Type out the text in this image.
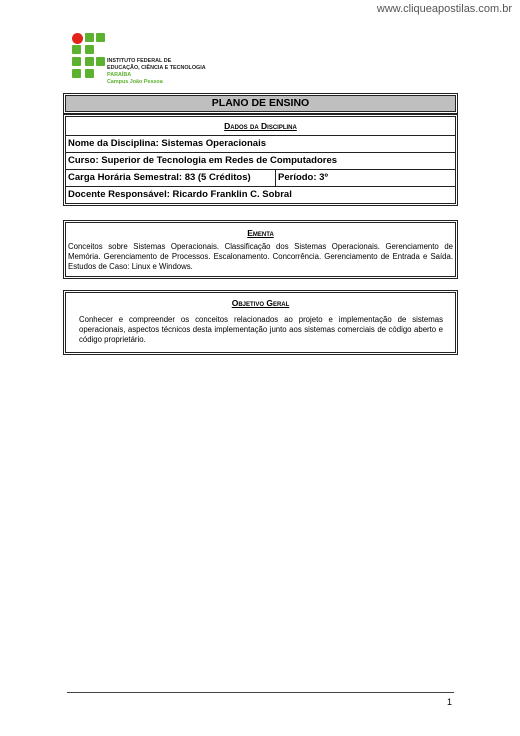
www.cliqueapostilas.com.br
INSTITUTO FEDERAL DE
EDUCAÇÃO, CIÊNCIA E TECNOLOGIA
PARAÍBA
Campus João Pessoa
PLANO DE ENSINO
Dados da Disciplina
Nome da Disciplina: Sistemas Operacionais
Curso: Superior de Tecnologia em Redes de Computadores
Carga Horária Semestral: 83 (5 Créditos)	Período: 3º
Docente Responsável: Ricardo Franklin C. Sobral
Ementa
Conceitos sobre Sistemas Operacionais. Classificação dos Sistemas Operacionais. Gerenciamento de Memória. Gerenciamento de Processos. Escalonamento. Concorrência. Gerenciamento de Entrada e Saída. Estudos de Caso: Linux e Windows.
Objetivo Geral
Conhecer e compreender os conceitos relacionados ao projeto e implementação de sistemas operacionais, aspectos técnicos desta implementação junto aos sistemas comerciais de código aberto e código proprietário.
1
